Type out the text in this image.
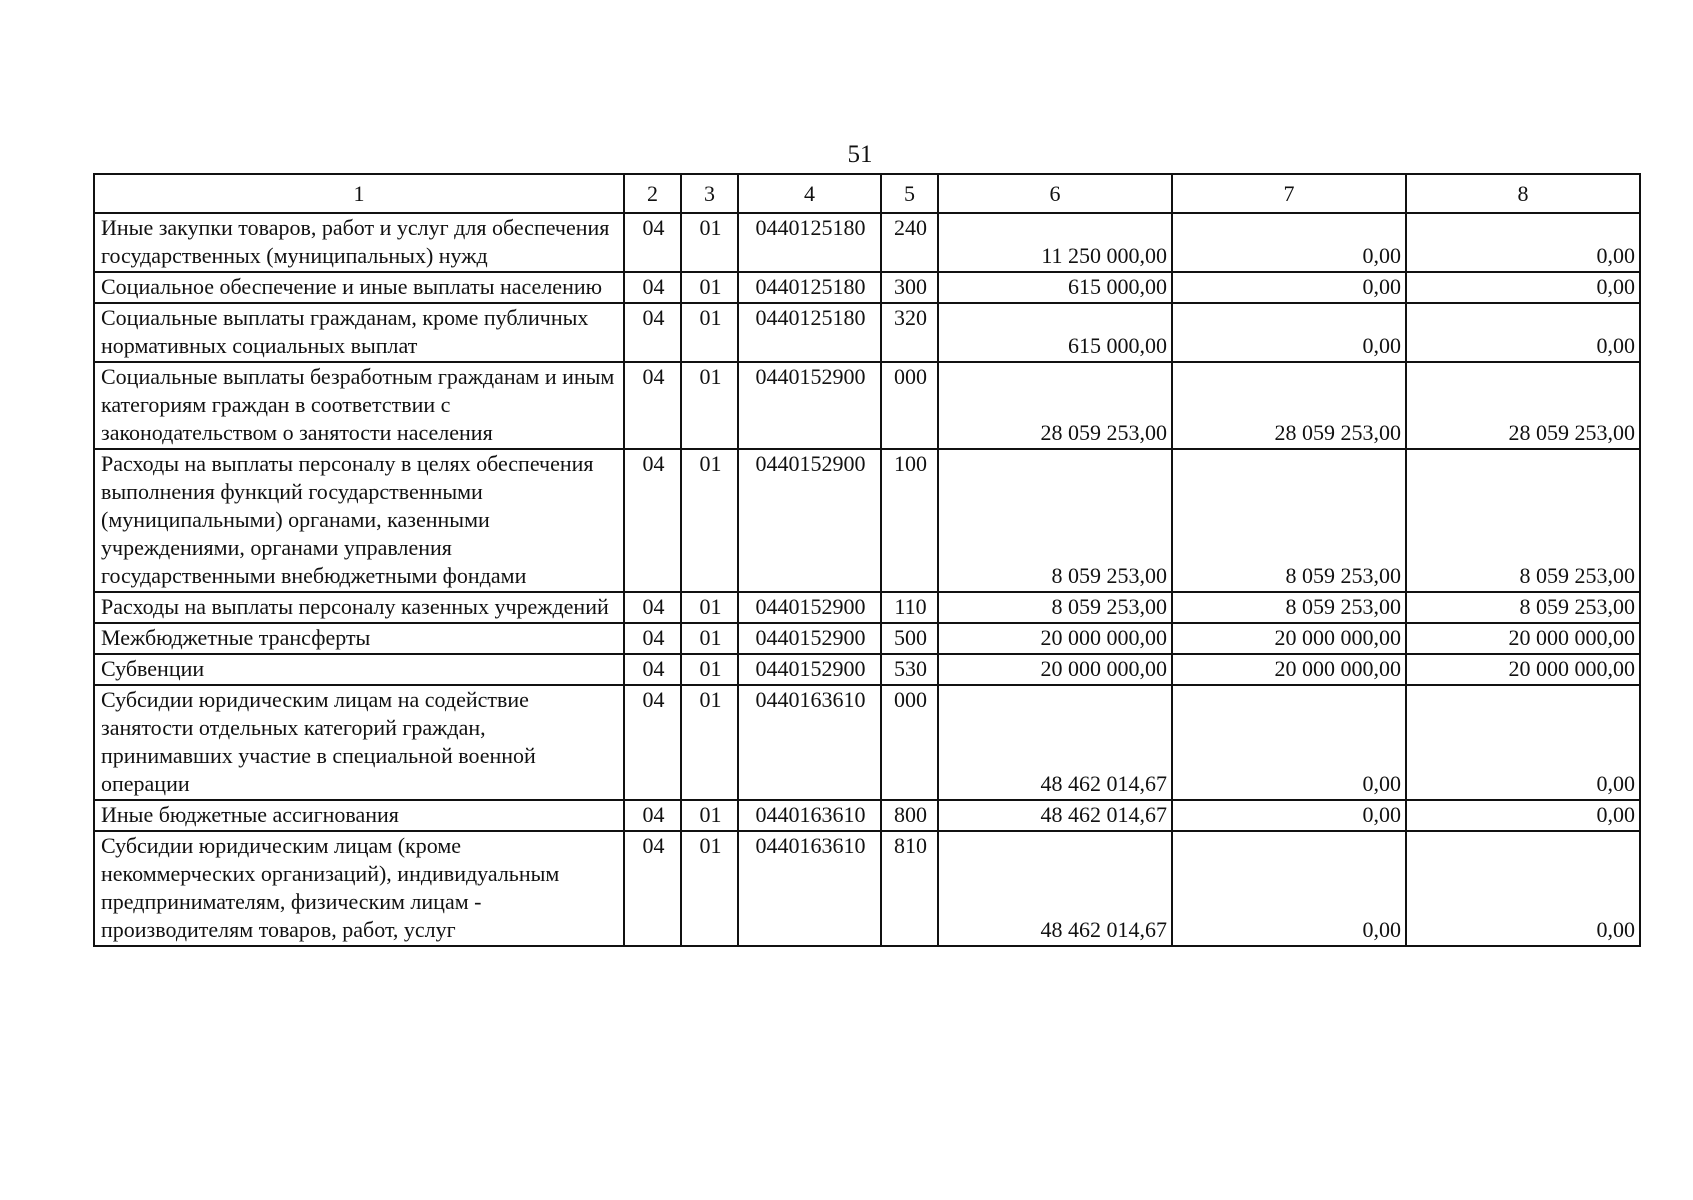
51
1	2	3	4	5	6	7	8
Иные закупки товаров, работ и услуг для обеспечения государственных (муниципальных) нужд	04	01	0440125180	240	11 250 000,00	0,00	0,00
Социальное обеспечение и иные выплаты населению	04	01	0440125180	300	615 000,00	0,00	0,00
Социальные выплаты гражданам, кроме публичных нормативных социальных выплат	04	01	0440125180	320	615 000,00	0,00	0,00
Социальные выплаты безработным гражданам и иным категориям граждан в соответствии с законодательством о занятости населения	04	01	0440152900	000	28 059 253,00	28 059 253,00	28 059 253,00
Расходы на выплаты персоналу в целях обеспечения выполнения функций государственными (муниципальными) органами, казенными учреждениями, органами управления государственными внебюджетными фондами	04	01	0440152900	100	8 059 253,00	8 059 253,00	8 059 253,00
Расходы на выплаты персоналу казенных учреждений	04	01	0440152900	110	8 059 253,00	8 059 253,00	8 059 253,00
Межбюджетные трансферты	04	01	0440152900	500	20 000 000,00	20 000 000,00	20 000 000,00
Субвенции	04	01	0440152900	530	20 000 000,00	20 000 000,00	20 000 000,00
Субсидии юридическим лицам на содействие занятости отдельных категорий граждан, принимавших участие в специальной военной операции	04	01	0440163610	000	48 462 014,67	0,00	0,00
Иные бюджетные ассигнования	04	01	0440163610	800	48 462 014,67	0,00	0,00
Субсидии юридическим лицам (кроме некоммерческих организаций), индивидуальным предпринимателям, физическим лицам - производителям товаров, работ, услуг	04	01	0440163610	810	48 462 014,67	0,00	0,00
